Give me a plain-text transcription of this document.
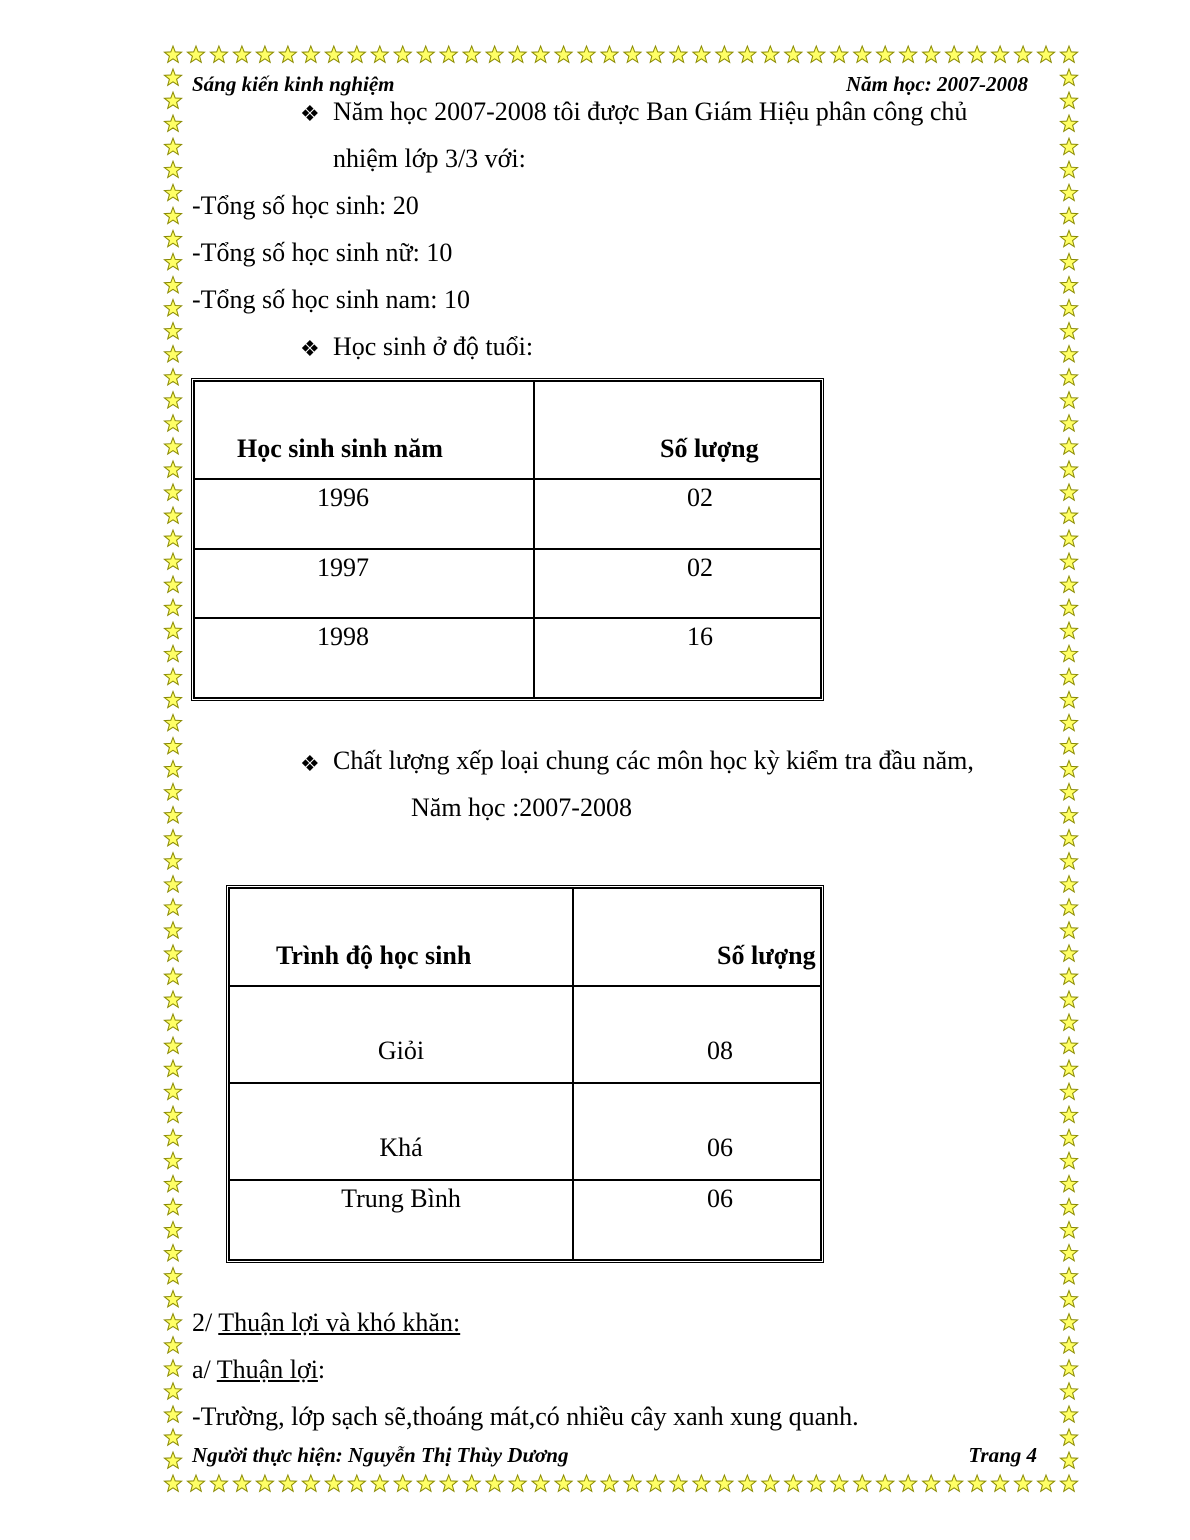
Sáng kiến kinh nghiệm	Năm học: 2007-2008
❖ Năm học 2007-2008 tôi được Ban Giám Hiệu phân công chủ
nhiệm lớp 3/3 với:
-Tổng số học sinh: 20
-Tổng số học sinh nữ: 10
-Tổng số học sinh nam: 10
❖ Học sinh ở độ tuổi:
Học sinh sinh năm	Số lượng
1996	02
1997	02
1998	16
❖ Chất lượng xếp loại chung các môn học kỳ kiểm tra đầu năm,
Năm học :2007-2008
Trình độ học sinh	Số lượng
Giỏi	08
Khá	06
Trung Bình	06
2/ Thuận lợi và khó khăn:
a/ Thuận lợi:
-Trường, lớp sạch sẽ,thoáng mát,có nhiều cây xanh xung quanh.
Người thực hiện: Nguyễn Thị Thùy Dương	Trang 4
